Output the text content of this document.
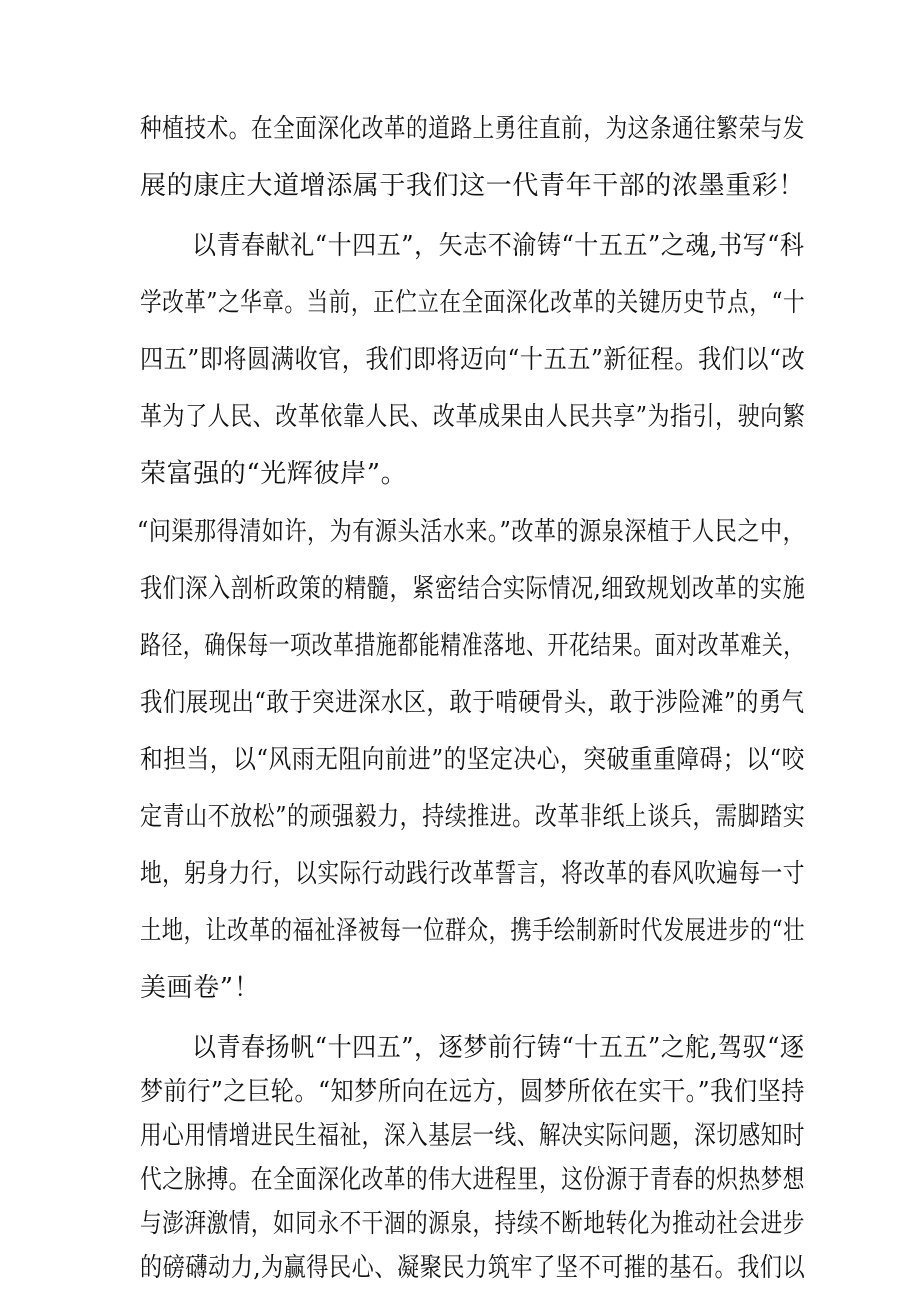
种植技术。在全面深化改革的道路上勇往直前，为这条通往繁荣与发
展的康庄大道增添属于我们这一代青年干部的浓墨重彩！
以青春献礼“十四五”，矢志不渝铸“十五五”之魂,书写“科
学改革”之华章。当前，正伫立在全面深化改革的关键历史节点，“十
四五”即将圆满收官，我们即将迈向“十五五”新征程。我们以“改
革为了人民、改革依靠人民、改革成果由人民共享”为指引，驶向繁
荣富强的“光辉彼岸”。
“问渠那得清如许，为有源头活水来。”改革的源泉深植于人民之中，
我们深入剖析政策的精髓，紧密结合实际情况,细致规划改革的实施
路径，确保每一项改革措施都能精准落地、开花结果。面对改革难关，
我们展现出“敢于突进深水区，敢于啃硬骨头，敢于涉险滩”的勇气
和担当，以“风雨无阻向前进”的坚定决心，突破重重障碍；以“咬
定青山不放松”的顽强毅力，持续推进。改革非纸上谈兵，需脚踏实
地，躬身力行，以实际行动践行改革誓言，将改革的春风吹遍每一寸
土地，让改革的福祉泽被每一位群众，携手绘制新时代发展进步的“壮
美画卷”！
以青春扬帆“十四五”，逐梦前行铸“十五五”之舵,驾驭“逐
梦前行”之巨轮。“知梦所向在远方，圆梦所依在实干。”我们坚持
用心用情增进民生福祉，深入基层一线、解决实际问题，深切感知时
代之脉搏。在全面深化改革的伟大进程里，这份源于青春的炽热梦想
与澎湃激情，如同永不干涸的源泉，持续不断地转化为推动社会进步
的磅礴动力,为赢得民心、凝聚民力筑牢了坚不可摧的基石。我们以
